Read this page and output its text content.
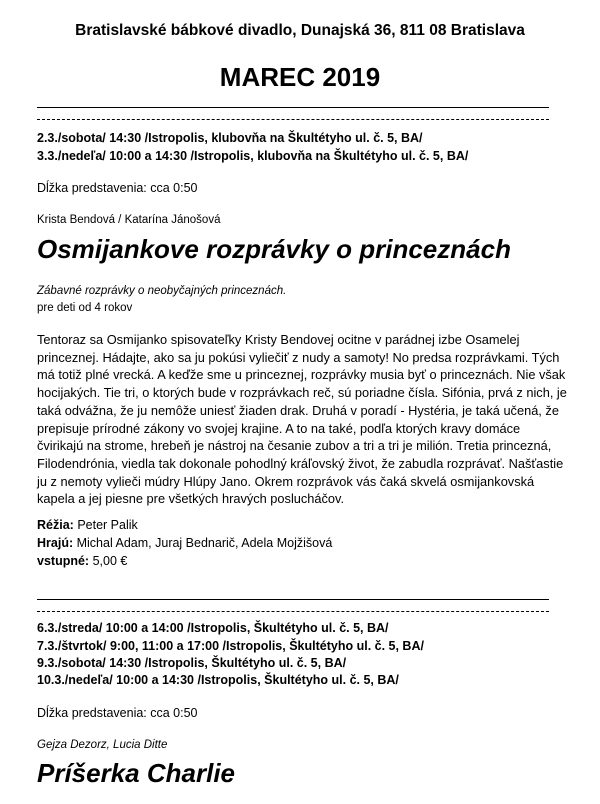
Bratislavské bábkové divadlo, Dunajská 36, 811 08 Bratislava
MAREC 2019
2.3./sobota/ 14:30 /Istropolis, klubovňa na Škultétyho ul. č. 5, BA/
3.3./nedeľa/ 10:00 a 14:30 /Istropolis, klubovňa na Škultétyho ul. č. 5, BA/
Dĺžka predstavenia: cca 0:50
Krista Bendová / Katarína Jánošová
Osmijankove rozprávky o princeznách
Zábavné rozprávky o neobyčajných princeznách.
pre deti od 4 rokov

Tentoraz sa Osmijanko spisovateľky Kristy Bendovej ocitne v parádnej izbe Osamelej

princeznej. Hádajte, ako sa ju pokúsi vyliečiť z nudy a samoty! No predsa rozprávkami. Tých

má totiž plné vrecká. A keďže sme u princeznej, rozprávky musia byť o princeznách. Nie však

hocijakých. Tie tri, o ktorých bude v rozprávkach reč, sú poriadne čísla. Sifónia, prvá z nich, je

taká odvážna, že ju nemôže uniesť žiaden drak. Druhá v poradí - Hystéria, je taká učená, že

prepisuje prírodné zákony vo svojej krajine. A to na také, podľa ktorých kravy domáce

čvirikajú na strome, hrebeň je nástroj na česanie zubov a tri a tri je milión. Tretia princezná,

Filodendrónia, viedla tak dokonale pohodlný kráľovský život, že zabudla rozprávať. Našťastie

ju z nemoty vylieči múdry Hlúpy Jano. Okrem rozprávok vás čaká skvelá osmijankovská

kapela a jej piesne pre všetkých hravých poslucháčov.

Réžia: Peter Palik
Hrajú: Michal Adam, Juraj Bednarič, Adela Mojžišová
vstupné: 5,00 €
6.3./streda/ 10:00 a 14:00 /Istropolis, Škultétyho ul. č. 5, BA/
7.3./štvrtok/ 9:00, 11:00 a 17:00 /Istropolis, Škultétyho ul. č. 5, BA/
9.3./sobota/ 14:30 /Istropolis, Škultétyho ul. č. 5, BA/
10.3./nedeľa/ 10:00 a 14:30 /Istropolis, Škultétyho ul. č. 5, BA/
Dĺžka predstavenia: cca 0:50
Gejza Dezorz, Lucia Ditte
Príšerka Charlie
